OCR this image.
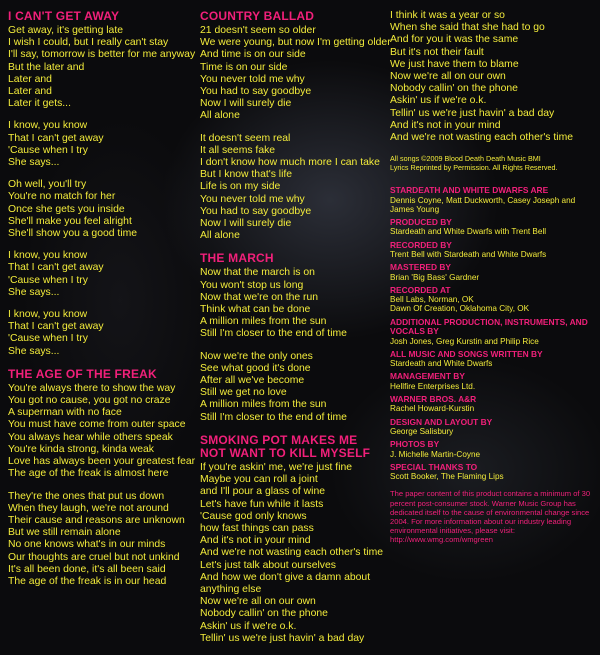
I CAN'T GET AWAY
Get away, it's getting late
I wish I could, but I really can't stay
I'll say, tomorrow is better for me anyway
But the later and
Later and
Later and
Later it gets...
I know, you know
That I can't get away
'Cause when I try
She says...
Oh well, you'll try
You're no match for her
Once she gets you inside
She'll make you feel alright
She'll show you a good time
I know, you know
That I can't get away
'Cause when I try
She says...
I know, you know
That I can't get away
'Cause when I try
She says...
THE AGE OF THE FREAK
You're always there to show the way
You got no cause, you got no craze
A superman with no face
You must have come from outer space
You always hear while others speak
You're kinda strong, kinda weak
Love has always been your greatest fear
The age of the freak is almost here
They're the ones that put us down
When they laugh, we're not around
Their cause and reasons are unknown
But we still remain alone
No one knows what's in our minds
Our thoughts are cruel but not unkind
It's all been done, it's all been said
The age of the freak is in our head
COUNTRY BALLAD
21 doesn't seem so older
We were young, but now I'm getting older
And time is on our side
Time is on our side
You never told me why
You had to say goodbye
Now I will surely die
All alone
It doesn't seem real
It all seems fake
I don't know how much more I can take
But I know that's life
Life is on my side
You never told me why
You had to say goodbye
Now I will surely die
All alone
THE MARCH
Now that the march is on
You won't stop us long
Now that we're on the run
Think what can be done
A million miles from the sun
Still I'm closer to the end of time
Now we're the only ones
See what good it's done
After all we've become
Still we get no love
A million miles from the sun
Still I'm closer to the end of time
SMOKING POT MAKES ME NOT WANT TO KILL MYSELF
If you're askin' me, we're just fine
Maybe you can roll a joint
and I'll pour a glass of wine
Let's have fun while it lasts
'Cause god only knows
how fast things can pass
And it's not in your mind
And we're not wasting each other's time
Let's just talk about ourselves
And how we don't give a damn about
anything else
Now we're all on our own
Nobody callin' on the phone
Askin' us if we're o.k.
Tellin' us we're just havin' a bad day
I think it was a year or so
When she said that she had to go
And for you it was the same
But it's not their fault
We just have them to blame
Now we're all on our own
Nobody callin' on the phone
Askin' us if we're o.k.
Tellin' us we're just havin' a bad day
And it's not in your mind
And we're not wasting each other's time
All songs ©2009 Blood Death Death Music BMI
Lyrics Reprinted by Permission. All Rights Reserved.
STARDEATH AND WHITE DWARFS ARE
Dennis Coyne, Matt Duckworth, Casey Joseph and James Young
PRODUCED BY
Stardeath and White Dwarfs with Trent Bell
RECORDED BY
Trent Bell with Stardeath and White Dwarfs
MASTERED BY
Brian 'Big Bass' Gardner
RECORDED AT
Bell Labs, Norman, OK
Dawn Of Creation, Oklahoma City, OK
ADDITIONAL PRODUCTION, INSTRUMENTS, AND VOCALS BY
Josh Jones, Greg Kurstin and Philip Rice
ALL MUSIC AND SONGS WRITTEN BY
Stardeath and White Dwarfs
MANAGEMENT BY
Hellfire Enterprises Ltd.
WARNER BROS. A&R
Rachel Howard-Kurstin
DESIGN AND LAYOUT BY
George Salisbury
PHOTOS BY
J. Michelle Martin-Coyne
SPECIAL THANKS TO
Scott Booker, The Flaming Lips
The paper content of this product contains a minimum of 30 percent post-consumer stock. Warner Music Group has dedicated itself to the cause of environmental change since 2004. For more information about our industry leading environmental initiatives, please visit: http://www.wmg.com/wmgreen
